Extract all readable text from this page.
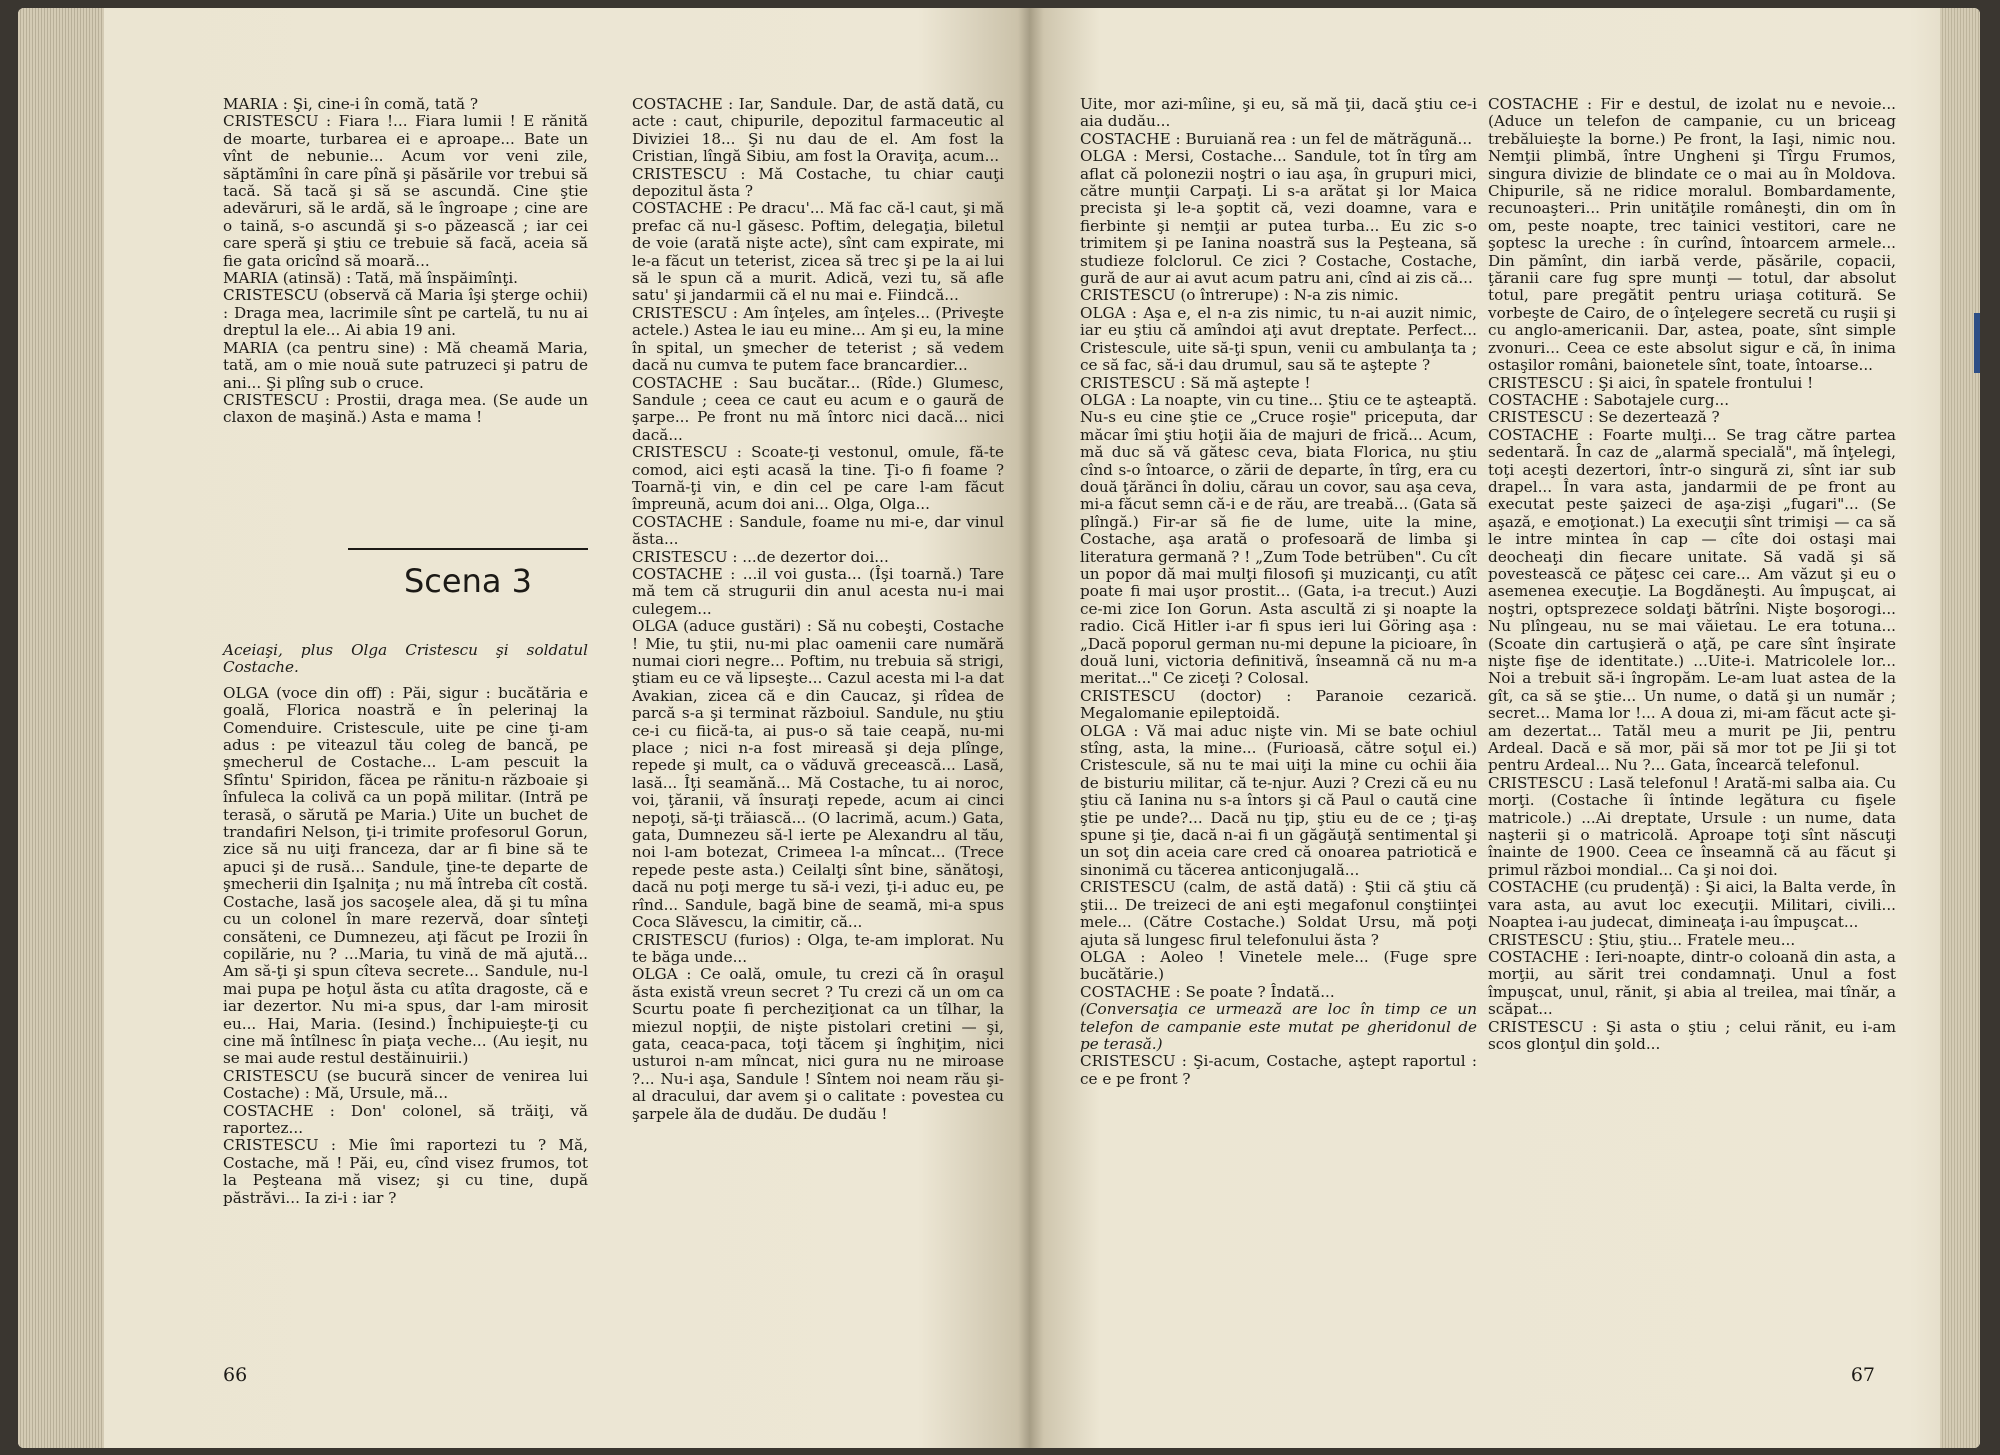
MARIA : Şi, cine-i în comă, tată ?

CRISTESCU : Fiara !... Fiara lumii ! E rănită de moarte, turbarea ei e aproape... Bate un vînt de nebunie... Acum vor veni zile, săptămîni în care pînă şi păsările vor trebui să tacă. Să tacă şi să se ascundă. Cine ştie adevăruri, să le ardă, să le îngroape ; cine are o taină, s-o ascundă şi s-o păzească ; iar cei care speră şi ştiu ce trebuie să facă, aceia să fie gata oricînd să moară...

MARIA (atinsă) : Tată, mă înspăimînţi.

CRISTESCU (observă că Maria îşi şterge ochii) : Draga mea, lacrimile sînt pe cartelă, tu nu ai dreptul la ele... Ai abia 19 ani.

MARIA (ca pentru sine) : Mă cheamă Maria, tată, am o mie nouă sute patruzeci şi patru de ani... Şi plîng sub o cruce.

CRISTESCU : Prostii, draga mea. (Se aude un claxon de maşină.) Asta e mama !

Scena 3

Aceiaşi, plus Olga Cristescu şi soldatul Costache.

OLGA (voce din off) : Păi, sigur : bucătăria e goală, Florica noastră e în pelerinaj la Comenduire. Cristescule, uite pe cine ţi-am adus : pe viteazul tău coleg de bancă, pe şmecherul de Costache... L-am pescuit la Sfîntu' Spiridon, făcea pe rănitu-n războaie şi înfuleca la colivă ca un popă militar. (Intră pe terasă, o sărută pe Maria.) Uite un buchet de trandafiri Nelson, ţi-i trimite profesorul Gorun, zice să nu uiţi franceza, dar ar fi bine să te apuci şi de rusă... Sandule, ţine-te departe de şmecherii din Işalniţa ; nu mă întreba cît costă. Costache, lasă jos sacoşele alea, dă şi tu mîna cu un colonel în mare rezervă, doar sînteţi consăteni, ce Dumnezeu, aţi făcut pe Irozii în copilărie, nu ? ...Maria, tu vină de mă ajută... Am să-ţi şi spun cîteva secrete... Sandule, nu-l mai pupa pe hoţul ăsta cu atîta dragoste, că e iar dezertor. Nu mi-a spus, dar l-am mirosit eu... Hai, Maria. (Iesind.) Închipuieşte-ţi cu cine mă întîlnesc în piaţa veche... (Au ieşit, nu se mai aude restul destăinuirii.)

CRISTESCU (se bucură sincer de venirea lui Costache) : Mă, Ursule, mă...

COSTACHE : Don' colonel, să trăiţi, vă raportez...

CRISTESCU : Mie îmi raportezi tu ? Mă, Costache, mă ! Păi, eu, cînd visez frumos, tot la Peşteana mă visez; şi cu tine, după păstrăvi... Ia zi-i : iar ?

COSTACHE : Iar, Sandule. Dar, de astă dată, cu acte : caut, chipurile, depozitul farmaceutic al Diviziei 18... Şi nu dau de el. Am fost la Cristian, lîngă Sibiu, am fost la Oraviţa, acum...

CRISTESCU : Mă Costache, tu chiar cauţi depozitul ăsta ?

COSTACHE : Pe dracu'... Mă fac că-l caut, şi mă prefac că nu-l găsesc. Poftim, delegaţia, biletul de voie (arată nişte acte), sînt cam expirate, mi le-a făcut un teterist, zicea să trec şi pe la ai lui să le spun că a murit. Adică, vezi tu, să afle satu' şi jandarmii că el nu mai e. Fiindcă...

CRISTESCU : Am înţeles, am înţeles... (Priveşte actele.) Astea le iau eu mine... Am şi eu, la mine în spital, un şmecher de teterist ; să vedem dacă nu cumva te putem face brancardier...

COSTACHE : Sau bucătar... (Rîde.) Glumesc, Sandule ; ceea ce caut eu acum e o gaură de şarpe... Pe front nu mă întorc nici dacă... nici dacă...

CRISTESCU : Scoate-ţi vestonul, omule, fă-te comod, aici eşti acasă la tine. Ţi-o fi foame ? Toarnă-ţi vin, e din cel pe care l-am făcut împreună, acum doi ani... Olga, Olga...

COSTACHE : Sandule, foame nu mi-e, dar vinul ăsta...

CRISTESCU : ...de dezertor doi...

COSTACHE : ...il voi gusta... (Îşi toarnă.) Tare mă tem că strugurii din anul acesta nu-i mai culegem...

OLGA (aduce gustări) : Să nu cobeşti, Costache ! Mie, tu ştii, nu-mi plac oamenii care numără numai ciori negre... Poftim, nu trebuia să strigi, ştiam eu ce vă lipseşte... Cazul acesta mi l-a dat Avakian, zicea că e din Caucaz, şi rîdea de parcă s-a şi terminat războiul. Sandule, nu ştiu ce-i cu fiică-ta, ai pus-o să taie ceapă, nu-mi place ; nici n-a fost mireasă şi deja plînge, repede şi mult, ca o văduvă grecească... Lasă, lasă... Îţi seamănă... Mă Costache, tu ai noroc, voi, ţăranii, vă însuraţi repede, acum ai cinci nepoţi, să-ţi trăiască... (O lacrimă, acum.) Gata, gata, Dumnezeu să-l ierte pe Alexandru al tău, noi l-am botezat, Crimeea l-a mîncat... (Trece repede peste asta.) Ceilalţi sînt bine, sănătoşi, dacă nu poţi merge tu să-i vezi, ţi-i aduc eu, pe rînd... Sandule, bagă bine de seamă, mi-a spus Coca Slăvescu, la cimitir, că...

CRISTESCU (furios) : Olga, te-am implorat. Nu te băga unde...

OLGA : Ce oală, omule, tu crezi că în oraşul ăsta există vreun secret ? Tu crezi că un om ca Scurtu poate fi percheziţionat ca un tîlhar, la miezul nopţii, de nişte pistolari cretini — şi, gata, ceaca-paca, toţi tăcem şi înghiţim, nici usturoi n-am mîncat, nici gura nu ne miroase ?... Nu-i aşa, Sandule ! Sîntem noi neam rău şi-al dracului, dar avem şi o calitate : povestea cu şarpele ăla de dudău. De dudău !

66

Uite, mor azi-mîine, şi eu, să mă ţii, dacă ştiu ce-i aia dudău...

COSTACHE : Buruiană rea : un fel de mătrăgună...

OLGA : Mersi, Costache... Sandule, tot în tîrg am aflat că polonezii noştri o iau aşa, în grupuri mici, către munţii Carpaţi. Li s-a arătat şi lor Maica precista şi le-a şoptit că, vezi doamne, vara e fierbinte şi nemţii ar putea turba... Eu zic s-o trimitem şi pe Ianina noastră sus la Peşteana, să studieze folclorul. Ce zici ? Costache, Costache, gură de aur ai avut acum patru ani, cînd ai zis că...

CRISTESCU (o întrerupe) : N-a zis nimic.

OLGA : Aşa e, el n-a zis nimic, tu n-ai auzit nimic, iar eu ştiu că amîndoi aţi avut dreptate. Perfect... Cristescule, uite să-ţi spun, venii cu ambulanţa ta ; ce să fac, să-i dau drumul, sau să te aştepte ?

CRISTESCU : Să mă aştepte !

OLGA : La noapte, vin cu tine... Ştiu ce te aşteaptă. Nu-s eu cine ştie ce „Cruce roşie" priceputa, dar măcar îmi ştiu hoţii ăia de majuri de frică... Acum, mă duc să vă gătesc ceva, biata Florica, nu ştiu cînd s-o întoarce, o zării de departe, în tîrg, era cu două ţărănci în doliu, cărau un covor, sau aşa ceva, mi-a făcut semn că-i e de rău, are treabă... (Gata să plîngă.) Fir-ar să fie de lume, uite la mine, Costache, aşa arată o profesoară de limba şi literatura germană ? ! „Zum Tode betrüben". Cu cît un popor dă mai mulţi filosofi şi muzicanţi, cu atît poate fi mai uşor prostit... (Gata, i-a trecut.) Auzi ce-mi zice Ion Gorun. Asta ascultă zi şi noapte la radio. Cică Hitler i-ar fi spus ieri lui Göring aşa : „Dacă poporul german nu-mi depune la picioare, în două luni, victoria definitivă, înseamnă că nu m-a meritat..." Ce ziceţi ? Colosal.

CRISTESCU (doctor) : Paranoie cezarică. Megalomanie epileptoidă.

OLGA : Vă mai aduc nişte vin. Mi se bate ochiul stîng, asta, la mine... (Furioasă, către soţul ei.) Cristescule, să nu te mai uiţi la mine cu ochii ăia de bisturiu militar, că te-njur. Auzi ? Crezi că eu nu ştiu că Ianina nu s-a întors şi că Paul o caută cine ştie pe unde?... Dacă nu ţip, ştiu eu de ce ; ţi-aş spune şi ţie, dacă n-ai fi un găgăuţă sentimental şi un soţ din aceia care cred că onoarea patriotică e sinonimă cu tăcerea anticonjugală...

CRISTESCU (calm, de astă dată) : Ştii că ştiu că ştii... De treizeci de ani eşti megafonul conştiinţei mele... (Către Costache.) Soldat Ursu, mă poţi ajuta să lungesc firul telefonului ăsta ?

OLGA : Aoleo ! Vinetele mele... (Fuge spre bucătărie.)

COSTACHE : Se poate ? Îndată...

(Conversaţia ce urmează are loc în timp ce un telefon de campanie este mutat pe gheridonul de pe terasă.)

CRISTESCU : Şi-acum, Costache, aştept raportul : ce e pe front ?

COSTACHE : Fir e destul, de izolat nu e nevoie... (Aduce un telefon de campanie, cu un briceag trebăluieşte la borne.) Pe front, la Iaşi, nimic nou. Nemţii plimbă, între Ungheni şi Tîrgu Frumos, singura divizie de blindate ce o mai au în Moldova. Chipurile, să ne ridice moralul. Bombardamente, recunoaşteri... Prin unităţile româneşti, din om în om, peste noapte, trec tainici vestitori, care ne şoptesc la ureche : în curînd, întoarcem armele... Din pămînt, din iarbă verde, păsările, copacii, ţăranii care fug spre munţi — totul, dar absolut totul, pare pregătit pentru uriaşa cotitură. Se vorbeşte de Cairo, de o înţelegere secretă cu ruşii şi cu anglo-americanii. Dar, astea, poate, sînt simple zvonuri... Ceea ce este absolut sigur e că, în inima ostaşilor români, baionetele sînt, toate, întoarse...

CRISTESCU : Şi aici, în spatele frontului !

COSTACHE : Sabotajele curg...

CRISTESCU : Se dezertează ?

COSTACHE : Foarte mulţi... Se trag către partea sedentară. În caz de „alarmă specială", mă înţelegi, toţi aceşti dezertori, într-o singură zi, sînt iar sub drapel... În vara asta, jandarmii de pe front au executat peste şaizeci de aşa-zişi „fugari"... (Se aşază, e emoţionat.) La execuţii sînt trimişi — ca să le intre mintea în cap — cîte doi ostaşi mai deocheaţi din fiecare unitate. Să vadă şi să povestească ce păţesc cei care... Am văzut şi eu o asemenea execuţie. La Bogdăneşti. Au împuşcat, ai noştri, optsprezece soldaţi bătrîni. Nişte boşorogi... Nu plîngeau, nu se mai văietau. Le era totuna... (Scoate din cartuşieră o aţă, pe care sînt înşirate nişte fişe de identitate.) ...Uite-i. Matricolele lor... Noi a trebuit să-i îngropăm. Le-am luat astea de la gît, ca să se ştie... Un nume, o dată şi un număr ; secret... Mama lor !... A doua zi, mi-am făcut acte şi-am dezertat... Tatăl meu a murit pe Jii, pentru Ardeal. Dacă e să mor, păi să mor tot pe Jii şi tot pentru Ardeal... Nu ?... Gata, încearcă telefonul.

CRISTESCU : Lasă telefonul ! Arată-mi salba aia. Cu morţi. (Costache îi întinde legătura cu fişele matricole.) ...Ai dreptate, Ursule : un nume, data naşterii şi o matricolă. Aproape toţi sînt născuţi înainte de 1900. Ceea ce înseamnă că au făcut şi primul război mondial... Ca şi noi doi.

COSTACHE (cu prudenţă) : Şi aici, la Balta verde, în vara asta, au avut loc execuţii. Militari, civili... Noaptea i-au judecat, dimineaţa i-au împuşcat...

CRISTESCU : Ştiu, ştiu... Fratele meu...

COSTACHE : Ieri-noapte, dintr-o coloană din asta, a morţii, au sărit trei condamnaţi. Unul a fost împuşcat, unul, rănit, şi abia al treilea, mai tînăr, a scăpat...

CRISTESCU : Şi asta o ştiu ; celui rănit, eu i-am scos glonţul din şold...

67
